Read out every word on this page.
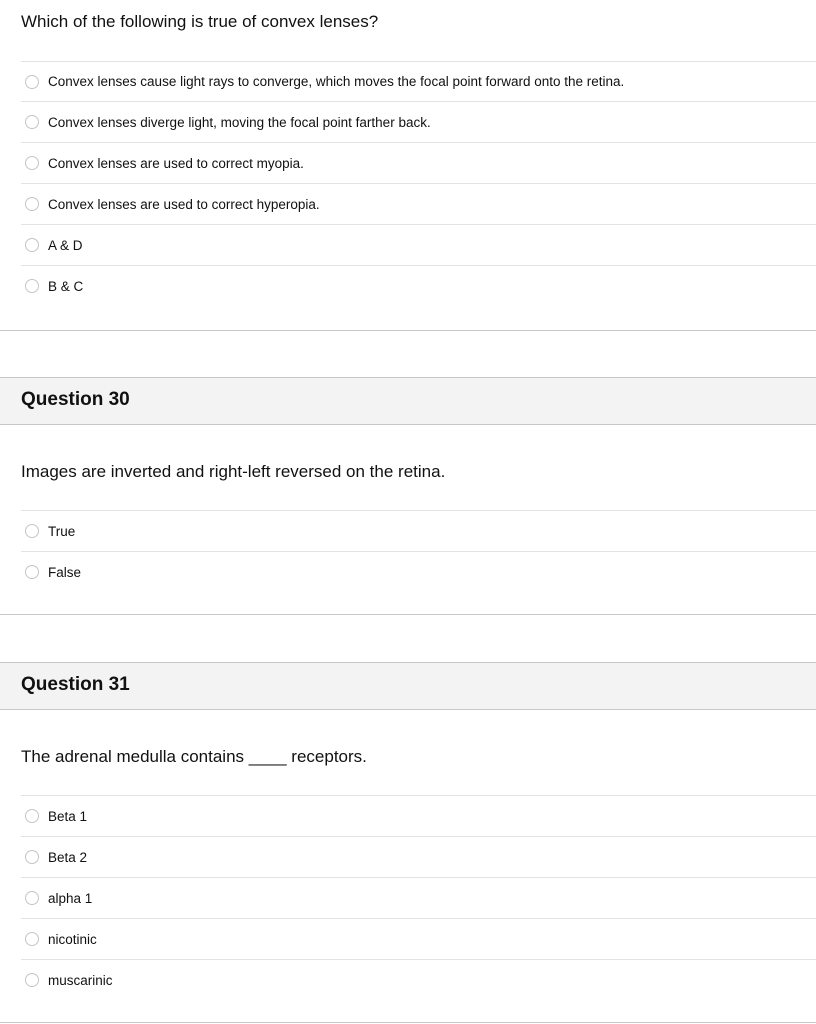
Which of the following is true of convex lenses?
Convex lenses cause light rays to converge, which moves the focal point forward onto the retina.
Convex lenses diverge light, moving the focal point farther back.
Convex lenses are used to correct myopia.
Convex lenses are used to correct hyperopia.
A & D
B & C
Question 30
Images are inverted and right-left reversed on the retina.
True
False
Question 31
The adrenal medulla contains ____ receptors.
Beta 1
Beta 2
alpha 1
nicotinic
muscarinic
